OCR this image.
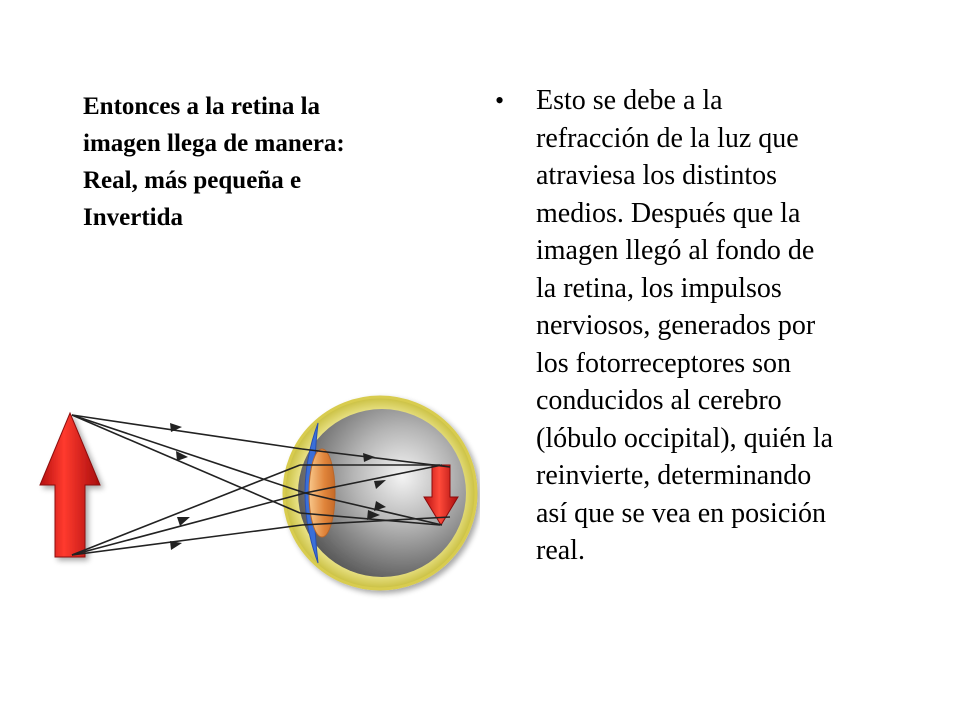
Entonces a la retina la
imagen llega de manera:
Real, más pequeña e
Invertida
• Esto se debe a la
refracción de la luz que
atraviesa los distintos
medios. Después que la
imagen llegó al fondo de
la retina, los impulsos
nerviosos, generados por
los fotorreceptores son
conducidos al cerebro
(lóbulo occipital), quién la
reinvierte, determinando
así que se vea en posición
real.
